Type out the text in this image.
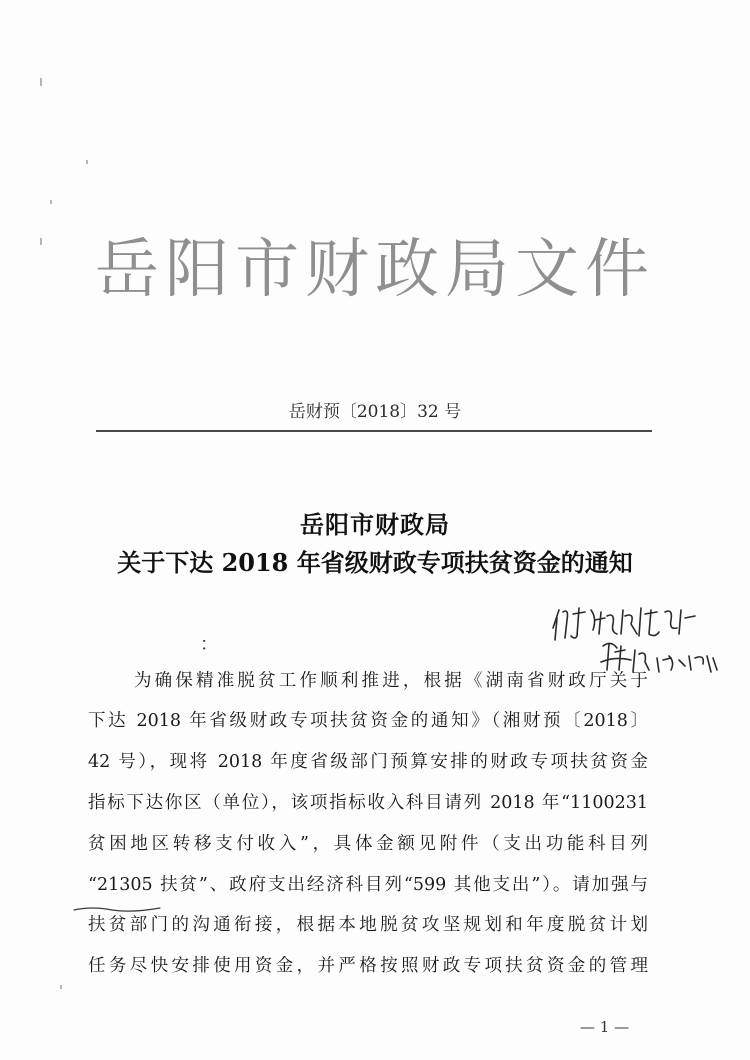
岳阳市财政局文件
岳财预〔2018〕32 号
岳阳市财政局
关于下达 2018 年省级财政专项扶贫资金的通知
：
为确保精准脱贫工作顺利推进，根据《湖南省财政厅关于
下达 2018 年省级财政专项扶贫资金的通知》（湘财预〔2018〕
42 号），现将 2018 年度省级部门预算安排的财政专项扶贫资金
指标下达你区（单位），该项指标收入科目请列 2018 年“1100231
贫困地区转移支付收入”，具体金额见附件（支出功能科目列
“21305 扶贫”、政府支出经济科目列“599 其他支出”）。请加强与
扶贫部门的沟通衔接，根据本地脱贫攻坚规划和年度脱贫计划
任务尽快安排使用资金，并严格按照财政专项扶贫资金的管理
— 1 —
